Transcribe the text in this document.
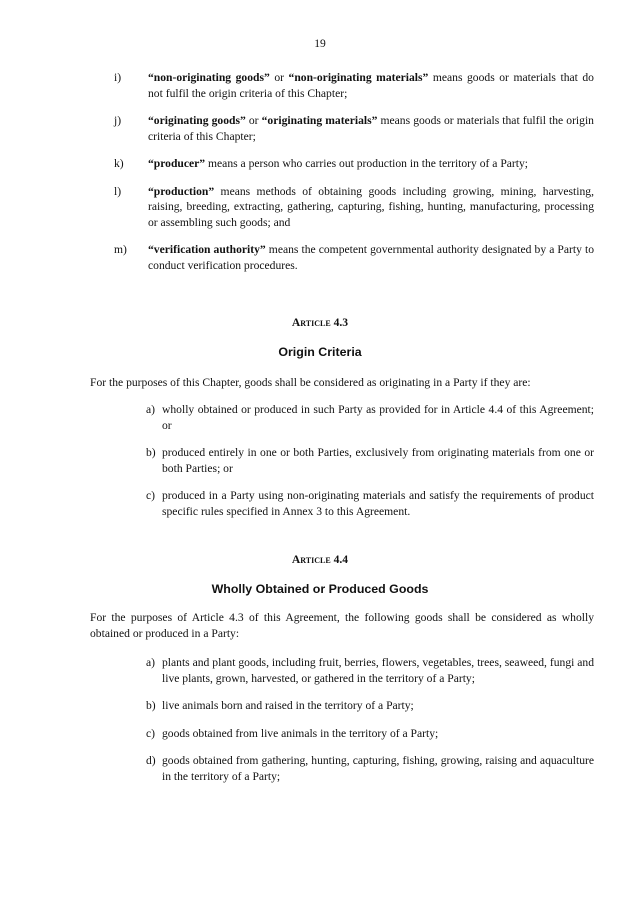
19
i) “non-originating goods” or “non-originating materials” means goods or materials that do not fulfil the origin criteria of this Chapter;
j) “originating goods” or “originating materials” means goods or materials that fulfil the origin criteria of this Chapter;
k) “producer” means a person who carries out production in the territory of a Party;
l) “production” means methods of obtaining goods including growing, mining, harvesting, raising, breeding, extracting, gathering, capturing, fishing, hunting, manufacturing, processing or assembling such goods; and
m) “verification authority” means the competent governmental authority designated by a Party to conduct verification procedures.
Article 4.3
Origin Criteria
For the purposes of this Chapter, goods shall be considered as originating in a Party if they are:
a) wholly obtained or produced in such Party as provided for in Article 4.4 of this Agreement; or
b) produced entirely in one or both Parties, exclusively from originating materials from one or both Parties; or
c) produced in a Party using non-originating materials and satisfy the requirements of product specific rules specified in Annex 3 to this Agreement.
Article 4.4
Wholly Obtained or Produced Goods
For the purposes of Article 4.3 of this Agreement, the following goods shall be considered as wholly obtained or produced in a Party:
a) plants and plant goods, including fruit, berries, flowers, vegetables, trees, seaweed, fungi and live plants, grown, harvested, or gathered in the territory of a Party;
b) live animals born and raised in the territory of a Party;
c) goods obtained from live animals in the territory of a Party;
d) goods obtained from gathering, hunting, capturing, fishing, growing, raising and aquaculture in the territory of a Party;
